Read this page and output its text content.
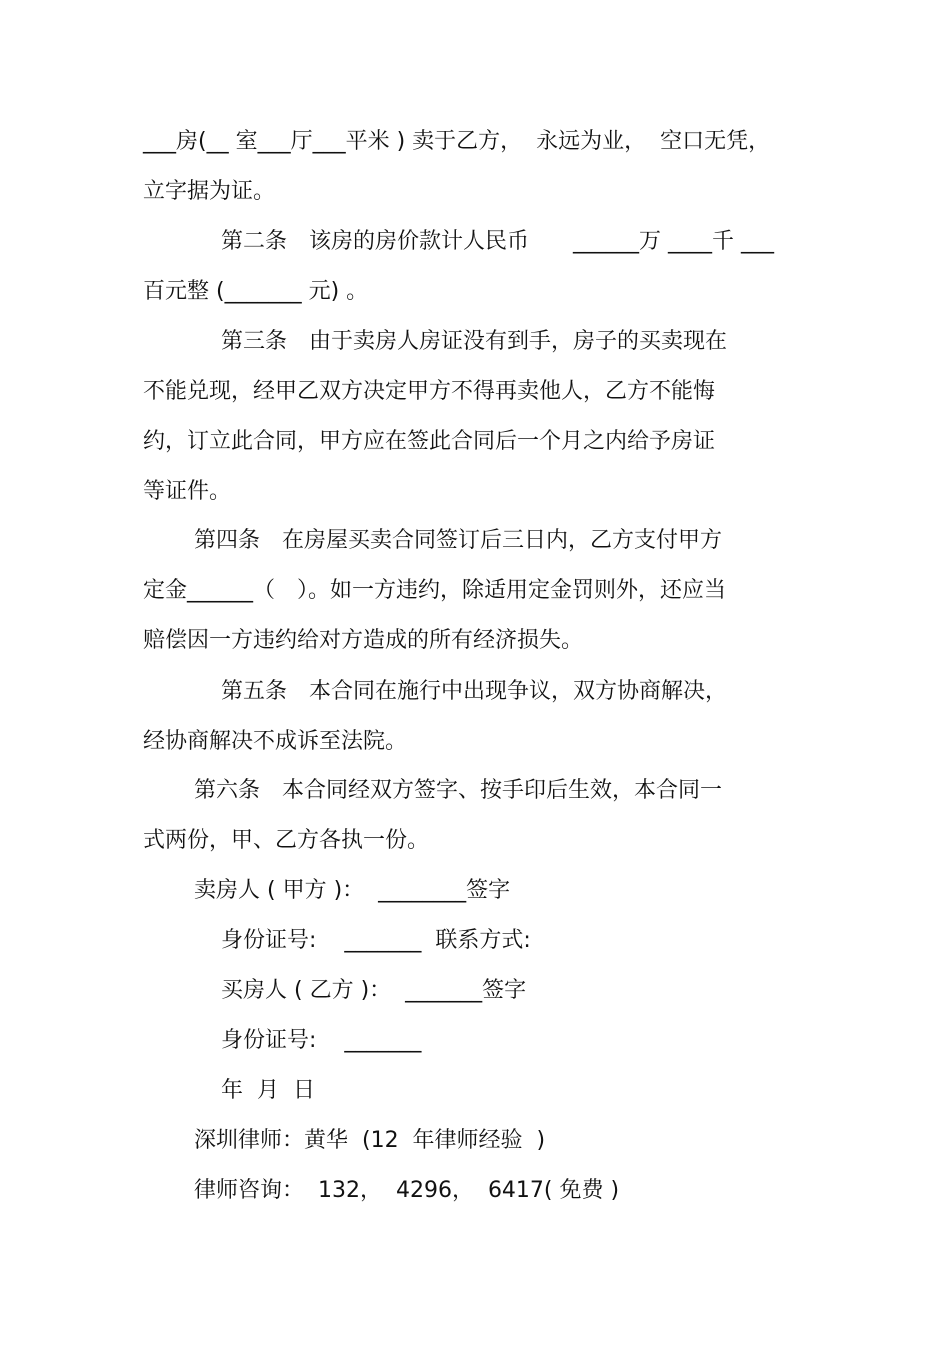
___房(__ 室___厅___平米 ) 卖于乙方，  永远为业，  空口无凭，
立字据为证。
第二条　该房的房价款计人民币　　______万 ____千 ___
百元整 (_______ 元) 。
第三条　由于卖房人房证没有到手，房子的买卖现在
不能兑现，经甲乙双方决定甲方不得再卖他人，乙方不能悔
约，订立此合同，甲方应在签此合同后一个月之内给予房证
等证件。
第四条　在房屋买卖合同签订后三日内，乙方支付甲方
定金______（　）。如一方违约，除适用定金罚则外，还应当
赔偿因一方违约给对方造成的所有经济损失。
第五条　本合同在施行中出现争议，双方协商解决，
经协商解决不成诉至法院。
第六条　本合同经双方签字、按手印后生效，本合同一
式两份，甲、乙方各执一份。
卖房人 ( 甲方 )：  ________签字
身份证号:    _______  联系方式:
买房人 ( 乙方 )：  _______签字
身份证号:    _______
年  月  日
深圳律师：黄华  (12  年律师经验  )
律师咨询：  132，  4296，  6417( 免费 )
